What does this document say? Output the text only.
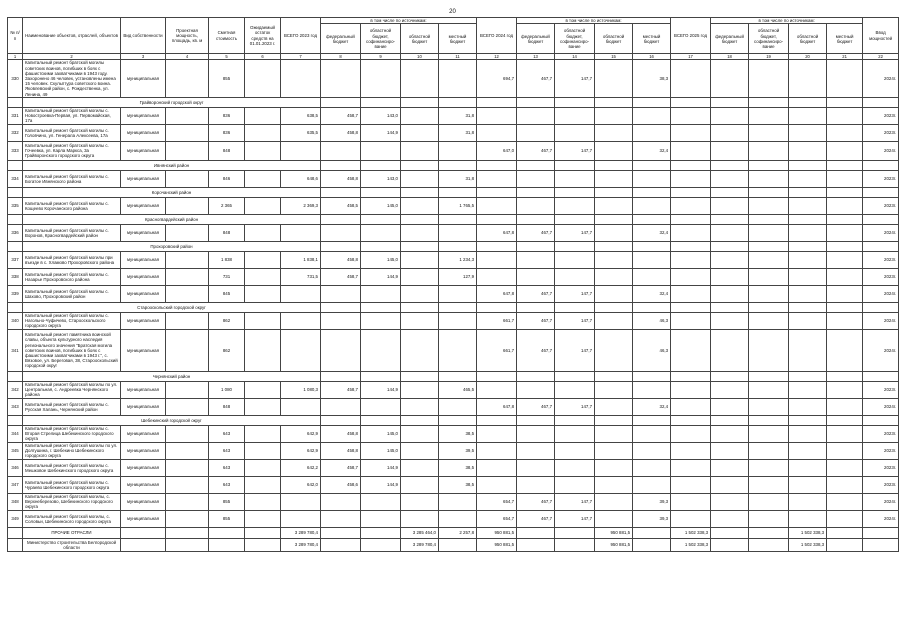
20
№ п/п	Наименование объектов, отраслей, объектов	Вид собственности	Проектная мощность, площадь, кв. м	Сметная стоимость	Ожидаемый остаток средств на 01.01.2023 г.	ВСЕГО 2023 год	в том числе по источникам:				ВСЕГО 2024 год	в том числе по источникам:				ВСЕГО 2025 год	в том числе по источникам:				Ввод мощностей
							федеральный бюджет	областной бюджет, софинансиро-вание	областной бюджет	местный бюджет		федеральный бюджет	областной бюджет, софинансиро-вание	областной бюджет	местный бюджет		федеральный бюджет	областной бюджет, софинансиро-вание	областной бюджет	местный бюджет	
1	2	3	4	5	6	7	8	9	10	11	12	13	14	15	16	17	18	19	20	21	22
330	Капитальный ремонт братской могилы советских воинов, погибших в боях с фашистскими захватчиками в 1943 году. Захоронено 46 человек, установлены имена 15 человек. Скульптура советского воина. Яковлевский район, с. Рождественка, ул. Ленина, 49	муниципальная		855							694,7	467,7	147,7		38,3						2024г.
	Грайворонский городской округ																				
331	Капитальный ремонт братской могилы с. Новостроевка-Первая, ул. Первомайская, 17а	муниципальная		836		638,5	458,7	143,0		31,8											2023г.
332	Капитальный ремонт братской могилы с. Головчино, ул. Генерала Алексеева, 17а	муниципальная		836		635,5	458,8	144,9		31,8											2023г.
333	Капитальный ремонт братской могилы с. Гочеевка, ул. Карла Маркса, 3а Грайворонского городского округа	муниципальная		848							647,0	467,7	147,7		32,4						2024г.
	Ивнянский район																				
334	Капитальный ремонт братской могилы с. Богатое Ивнянского района	муниципальная		846		648,6	458,8	143,0		31,8											2023г.
	Корочанский район																				
335	Капитальный ремонт братской могилы с. Кощеево Корочанского района	муниципальная		2 365		2 369,3	458,5	145,0		1 765,5											2023г.
	Красногвардейский район																				
336	Капитальный ремонт братской могилы с. Воронов, Красногвардейский район	муниципальная		848							647,8	467,7	147,7		32,4						2024г.
	Прохоровский район																				
337	Капитальный ремонт братской могилы при въезде в с. Хламово Прохоровского района	муниципальная		1 838		1 838,1	458,8	145,0		1 234,3											2023г.
338	Капитальный ремонт братской могилы с. Назарье Прохоровского района	муниципальная		731		731,5	458,7	144,9		127,9											2023г.
339	Капитальный ремонт братской могилы с. Шахово, Прохоровский район	муниципальная		845							647,8	467,7	147,7		32,4						2024г.
	Старооскольский городской округ																				
340	Капитальный ремонт братской могилы с. Нагольно-Чуфичево, Старооскольского городского округа	муниципальная		862							661,7	467,7	147,7		46,3						2024г.
341	Капитальный ремонт памятника воинской славы, объекта культурного наследия регионального значения "Братская могила советских воинов, погибших в боях с фашистскими захватчиками в 1943 г.", с. Вязовое, ул. Береговая, 38, Старооскольский городской округ	муниципальная		862							661,7	467,7	147,7		46,3						2024г.
	Чернянский район																				
342	Капитальный ремонт братской могилы по ул. Центральная, с. Андреевка Чернянского района	муниципальная		1 080		1 080,3	458,7	144,9		465,5											2023г.
343	Капитальный ремонт братской могилы с. Русская Халань, Чернянский район	муниципальная		848							647,8	467,7	147,7		32,4						2024г.
	Шебекинский городской округ																				
344	Капитальный ремонт братской могилы с. Вторая Стрелица Шебекинского городского округа	муниципальная		643		642,9	458,8	145,0		38,5											2023г.
345	Капитальный ремонт братской могилы по ул. Долгушина, г. Шебекино Шебекинского городского округа	муниципальная		643		642,9	458,8	145,0		39,5											2023г.
346	Капитальный ремонт братской могилы с. Мешковое Шебекинского городского округа	муниципальная		643		642,2	458,7	144,9		38,5											2023г.
347	Капитальный ремонт братской могилы с. Чураево Шебекинского городского округа	муниципальная		643		642,0	458,6	144,9		38,5											2023г.
348	Капитальный ремонт братской могилы, с. Верхнеберезово, Шебекинского городского округа	муниципальная		855							654,7	467,7	147,7		39,3						2024г.
349	Капитальный ремонт братской могилы, с. Соловьи, Шебекинского городского округа	муниципальная		855							654,7	467,7	147,7		39,3						2024г.
	ПРОЧИЕ ОТРАСЛИ					3 289 780,4			3 285 464,0	2 257,8	950 881,5			950 881,5		1 502 338,3			1 502 338,3		
	Министерство строительства Белгородской области					3 289 780,4			3 289 780,4		950 881,5			950 881,5		1 502 338,3			1 502 338,3		
